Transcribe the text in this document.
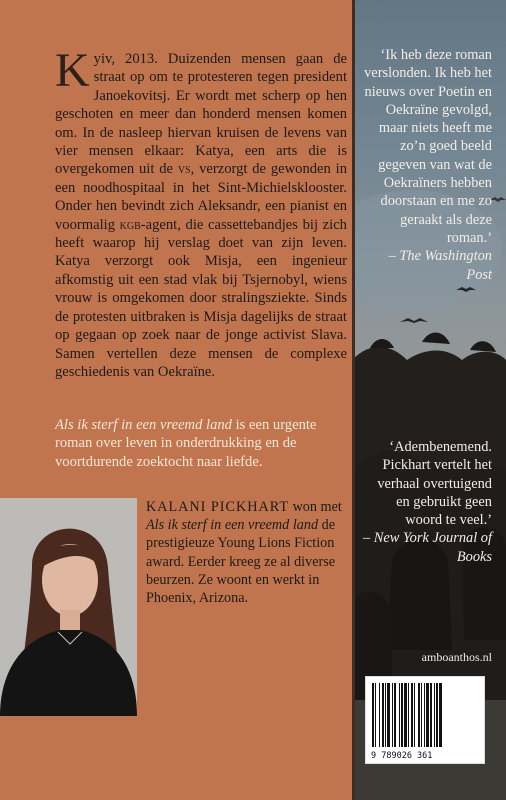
Kyiv, 2013. Duizenden mensen gaan de straat op om te protesteren tegen president Janoekovitsj. Er wordt met scherp op hen geschoten en meer dan honderd mensen komen om. In de nasleep hiervan kruisen de levens van vier mensen elkaar: Katya, een arts die is overgekomen uit de vs, verzorgt de gewonden in een noodhospitaal in het Sint-Michielsklooster. Onder hen bevindt zich Aleksandr, een pianist en voormalig kgb-agent, die cassettebandjes bij zich heeft waarop hij verslag doet van zijn leven. Katya verzorgt ook Misja, een ingenieur afkomstig uit een stad vlak bij Tsjernobyl, wiens vrouw is omgekomen door stralingsziekte. Sinds de protesten uitbraken is Misja dagelijks de straat op gegaan op zoek naar de jonge activist Slava. Samen vertellen deze mensen de complexe geschiedenis van Oekraïne.
Als ik sterf in een vreemd land is een urgente roman over leven in onderdrukking en de voortdurende zoektocht naar liefde.
KALANI PICKHART won met Als ik sterf in een vreemd land de prestigieuze Young Lions Fiction award. Eerder kreeg ze al diverse beurzen. Ze woont en werkt in Phoenix, Arizona.
‘Ik heb deze roman verslonden. Ik heb het nieuws over Poetin en Oekraïne gevolgd, maar niets heeft me zo’n goed beeld gegeven van wat de Oekraïners hebben doorstaan en me zo geraakt als deze roman.’
– The Washington Post
‘Adembenemend. Pickhart vertelt het verhaal overtuigend en gebruikt geen woord te veel.’
– New York Journal of Books
amboanthos.nl
9 789026 361
